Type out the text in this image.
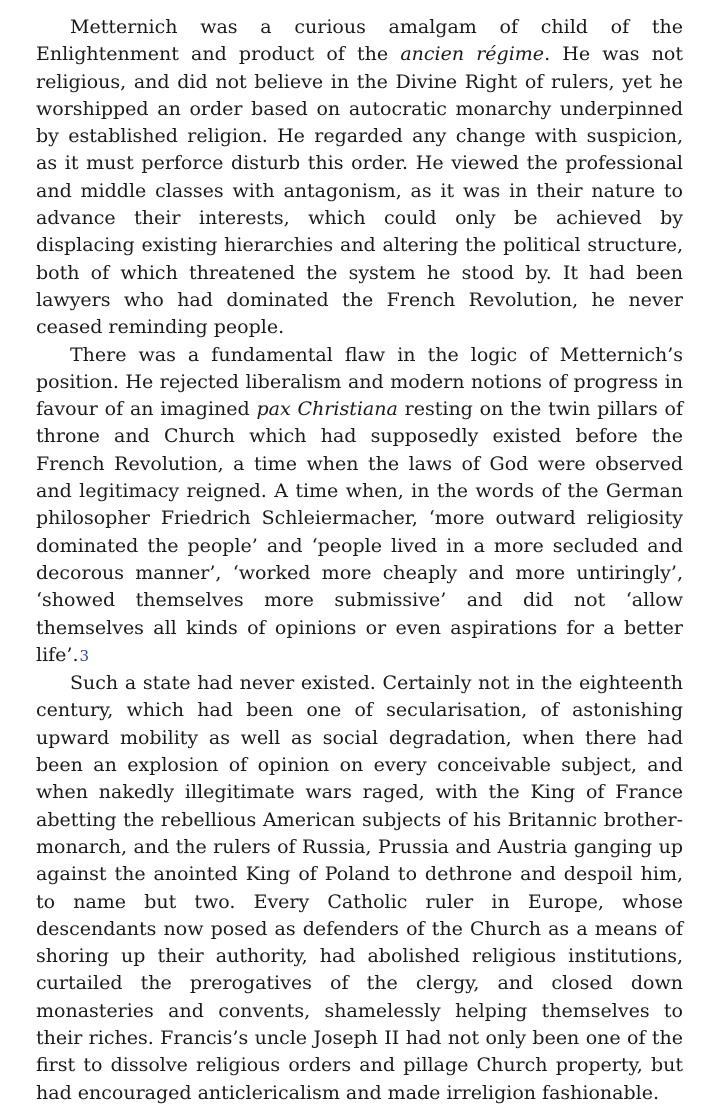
Metternich was a curious amalgam of child of the Enlightenment and product of the ancien régime. He was not religious, and did not believe in the Divine Right of rulers, yet he worshipped an order based on autocratic monarchy underpinned by established religion. He regarded any change with suspicion, as it must perforce disturb this order. He viewed the professional and middle classes with antagonism, as it was in their nature to advance their interests, which could only be achieved by displacing existing hierarchies and altering the political structure, both of which threatened the system he stood by. It had been lawyers who had dominated the French Revolution, he never ceased reminding people.

There was a fundamental flaw in the logic of Metternich’s position. He rejected liberalism and modern notions of progress in favour of an imagined pax Christiana resting on the twin pillars of throne and Church which had supposedly existed before the French Revolution, a time when the laws of God were observed and legitimacy reigned. A time when, in the words of the German philosopher Friedrich Schleiermacher, ‘more outward religiosity dominated the people’ and ‘people lived in a more secluded and decorous manner’, ‘worked more cheaply and more untiringly’, ‘showed themselves more submissive’ and did not ‘allow themselves all kinds of opinions or even aspirations for a better life’.3

Such a state had never existed. Certainly not in the eighteenth century, which had been one of secularisation, of astonishing upward mobility as well as social degradation, when there had been an explosion of opinion on every conceivable subject, and when nakedly illegitimate wars raged, with the King of France abetting the rebellious American subjects of his Britannic brother-monarch, and the rulers of Russia, Prussia and Austria ganging up against the anointed King of Poland to dethrone and despoil him, to name but two. Every Catholic ruler in Europe, whose descendants now posed as defenders of the Church as a means of shoring up their authority, had abolished religious institutions, curtailed the prerogatives of the clergy, and closed down monasteries and convents, shamelessly helping themselves to their riches. Francis’s uncle Joseph II had not only been one of the first to dissolve religious orders and pillage Church property, but had encouraged anticlericalism and made irreligion fashionable.
